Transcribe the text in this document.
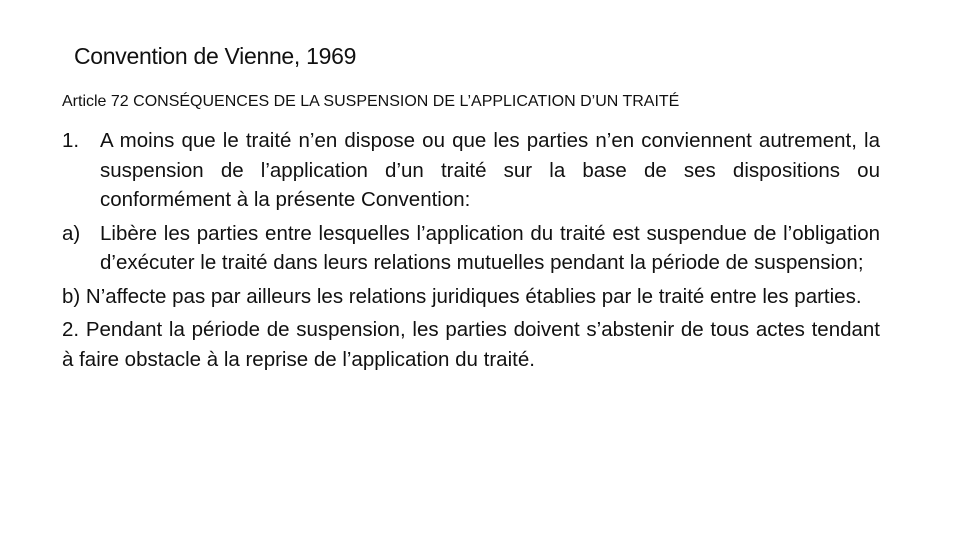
Convention de Vienne, 1969
Article 72 CONSÉQUENCES DE LA SUSPENSION DE L’APPLICATION D’UN TRAITÉ
1.	A moins que le traité n’en dispose ou que les parties n’en conviennent autrement, la suspension de l’application d’un traité sur la base de ses dispositions ou conformément à la présente Convention:
a) Libère les parties entre lesquelles l’application du traité est suspendue de l’obligation d’exécuter le traité dans leurs relations mutuelles pendant la période de suspension;

b) N’affecte pas par ailleurs les relations juridiques établies par le traité entre les parties.

2. Pendant la période de suspension, les parties doivent s’abstenir de tous actes tendant à faire obstacle à la reprise de l’application du traité.
